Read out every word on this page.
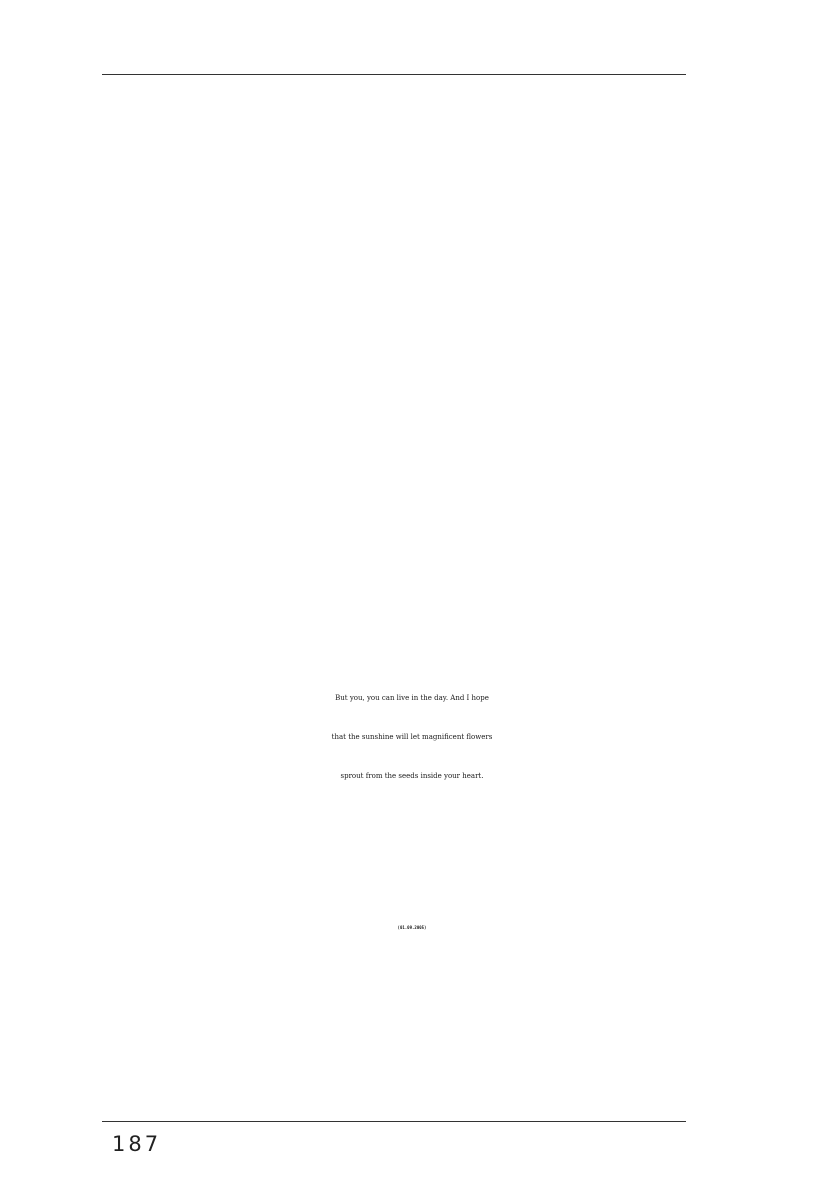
But you, you can live in the day. And I hope
that the sunshine will let magnificent flowers
sprout from the seeds inside your heart.
(01.09.2005)
187
